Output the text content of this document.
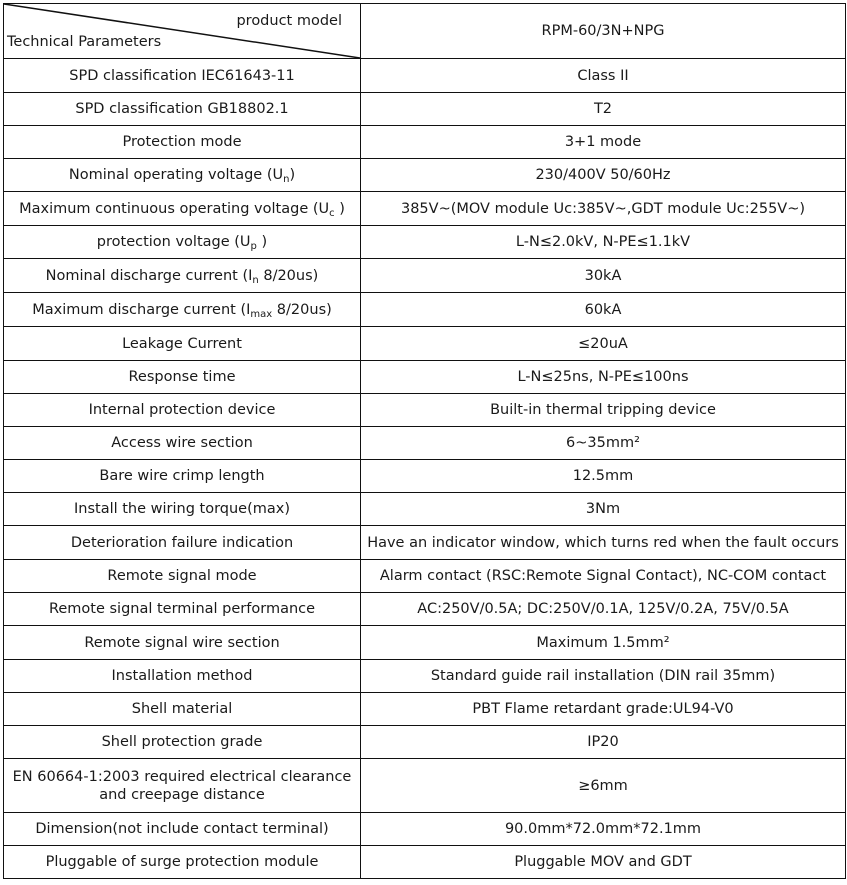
product model
Technical Parameters	RPM-60/3N+NPG
SPD classification IEC61643-11	Class II
SPD classification GB18802.1	T2
Protection mode	3+1 mode
Nominal operating voltage $(U_n)$	230/400V 50/60Hz
Maximum continuous operating voltage ($U_c$ )	385V~(MOV module Uc:385V~,GDT module Uc:255V~)
protection voltage ($U_p$ )	L-N≤2.0kV, N-PE≤1.1kV
Nominal discharge current ($I_n$ 8/20us)	30kA
Maximum discharge current ($I_{max}$ 8/20us)	60kA
Leakage Current	≤20uA
Response time	L-N≤25ns, N-PE≤100ns
Internal protection device	Built-in thermal tripping device
Access wire section	6~35mm²
Bare wire crimp length	12.5mm
Install the wiring torque(max)	3Nm
Deterioration failure indication	Have an indicator window, which turns red when the fault occurs
Remote signal mode	Alarm contact (RSC:Remote Signal Contact), NC-COM contact
Remote signal terminal performance	AC:250V/0.5A; DC:250V/0.1A, 125V/0.2A, 75V/0.5A
Remote signal wire section	Maximum 1.5mm²
Installation method	Standard guide rail installation (DIN rail 35mm)
Shell material	PBT Flame retardant grade:UL94-V0
Shell protection grade	IP20
EN 60664-1:2003 required electrical clearance and creepage distance	≥6mm
Dimension(not include contact terminal)	90.0mm*72.0mm*72.1mm
Pluggable of surge protection module	Pluggable MOV and GDT
